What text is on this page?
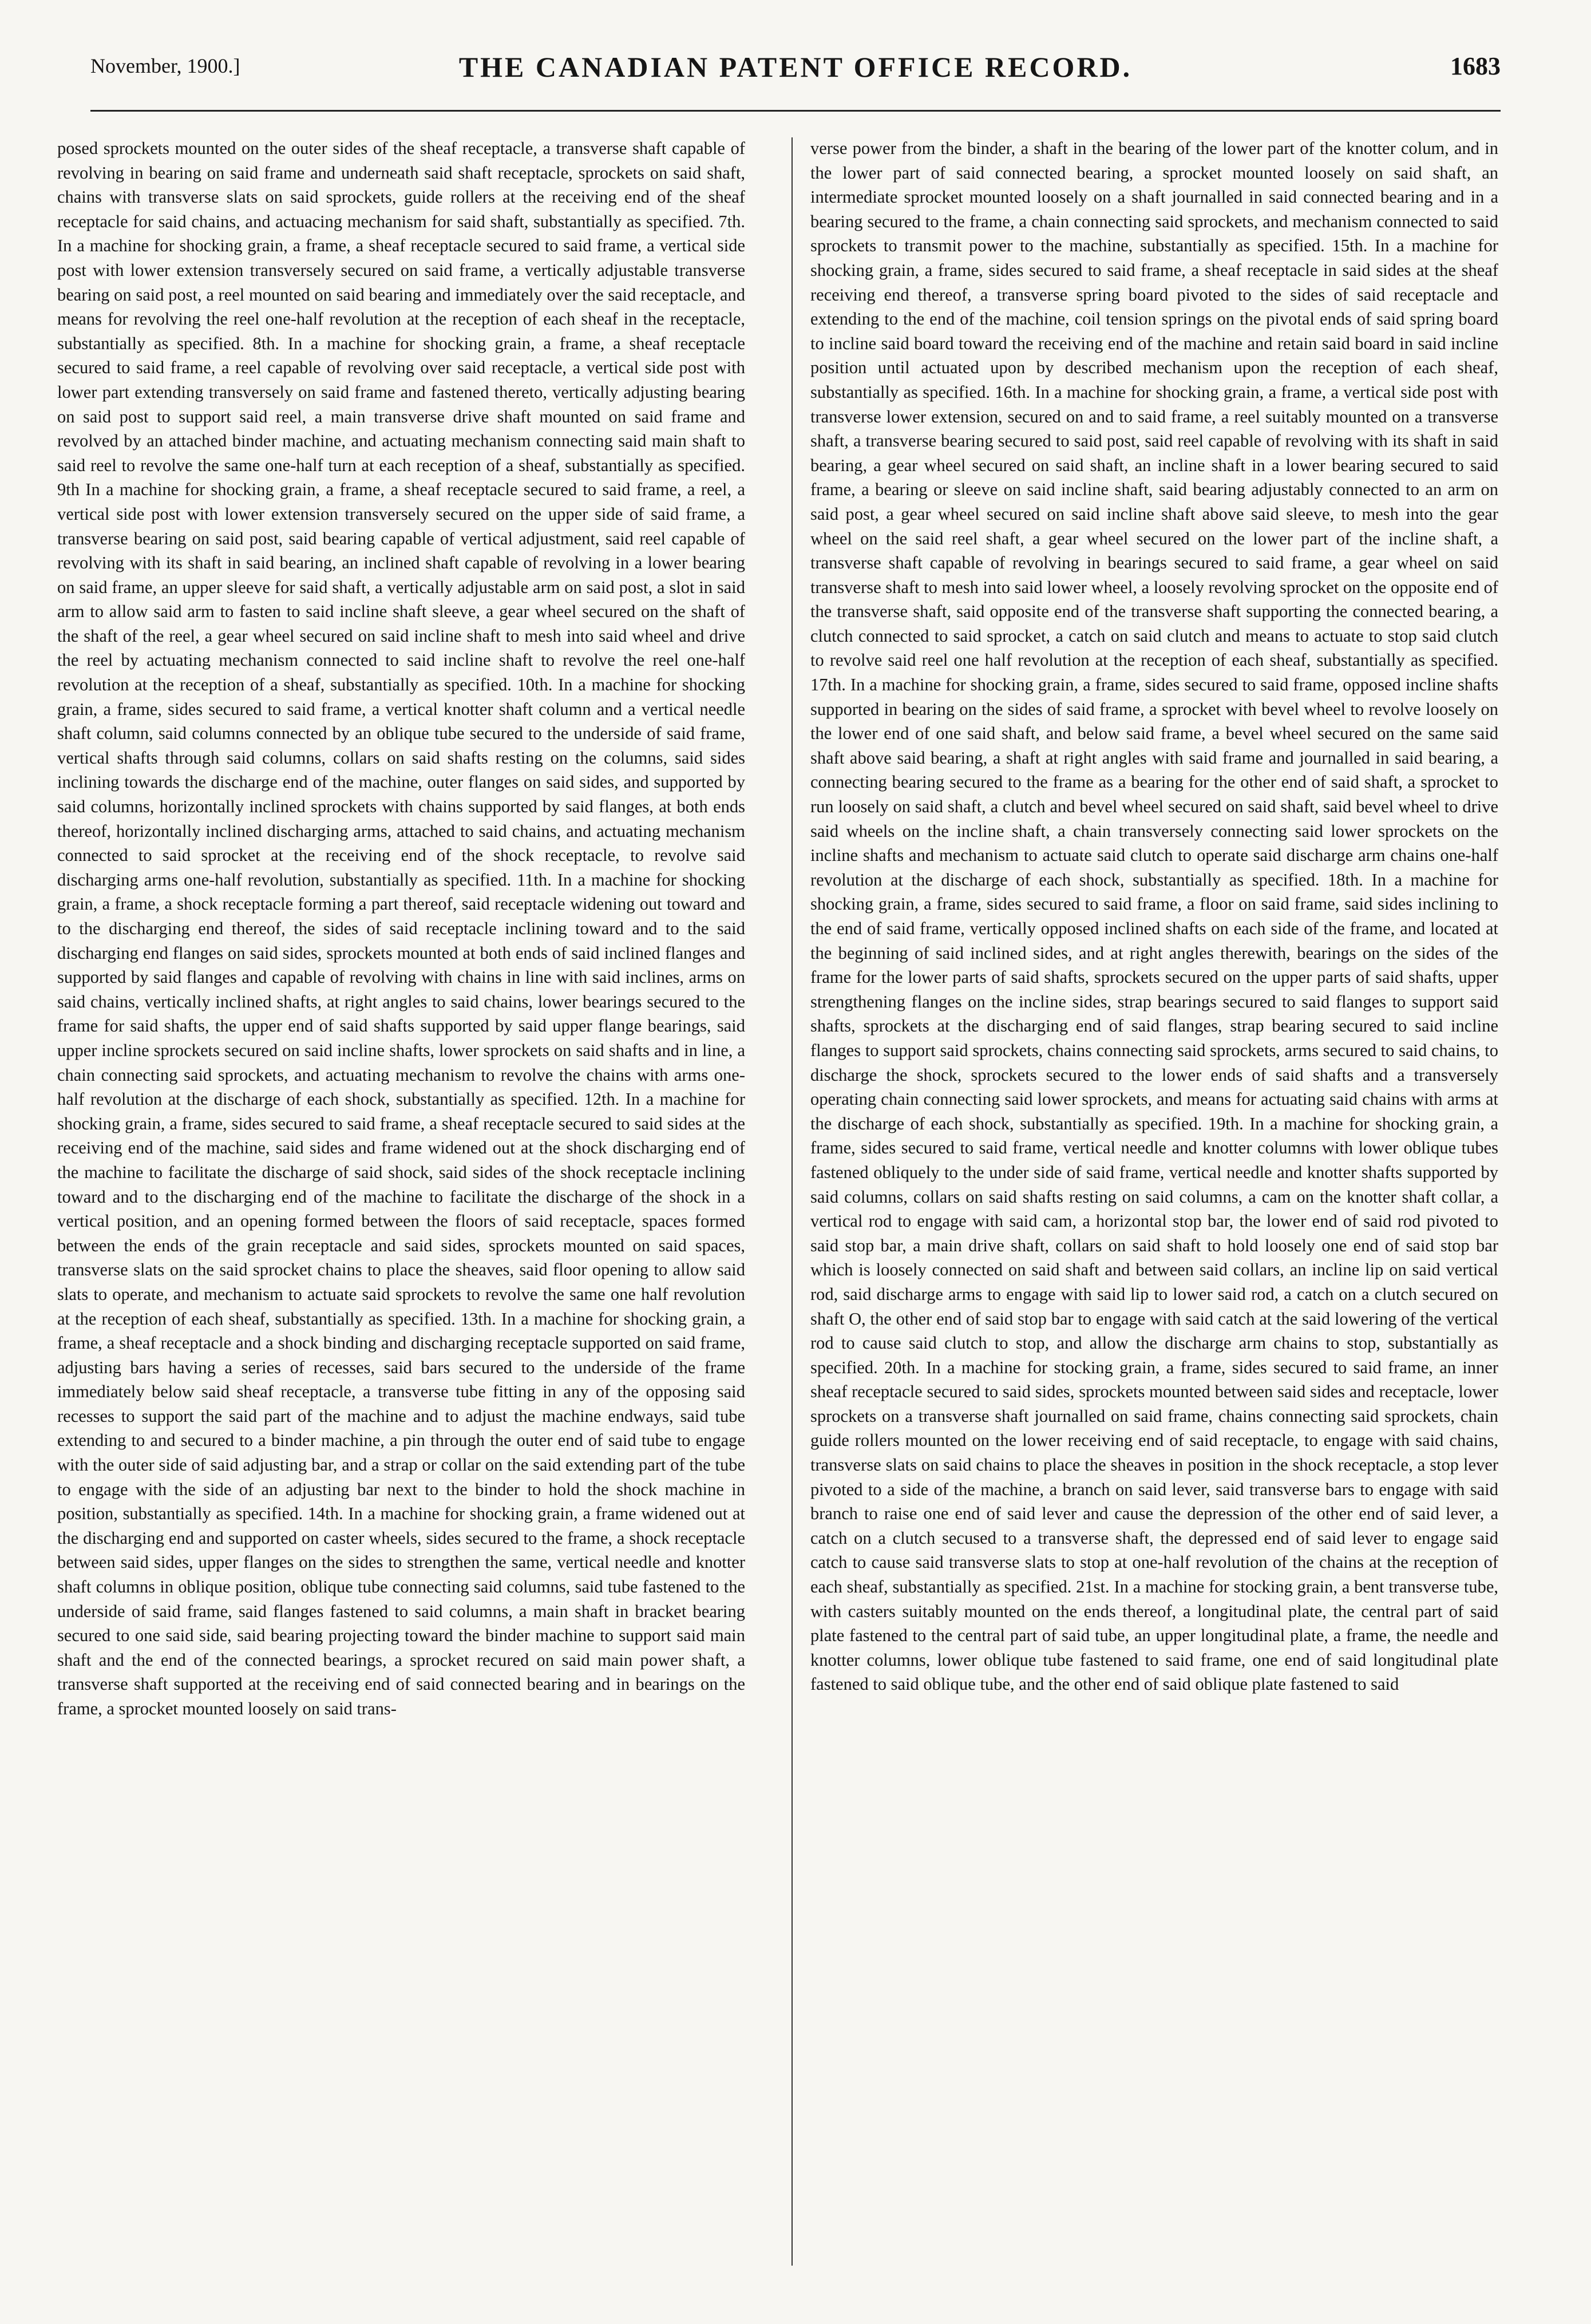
November, 1900.]	THE CANADIAN PATENT OFFICE RECORD.	1683

posed sprockets mounted on the outer sides of the sheaf receptacle, a transverse shaft capable of revolving in bearing on said frame and underneath said shaft receptacle, sprockets on said shaft, chains with transverse slats on said sprockets, guide rollers at the receiving end of the sheaf receptacle for said chains, and actuacing mechanism for said shaft, substantially as specified. 7th. In a machine for shocking grain, a frame, a sheaf receptacle secured to said frame, a vertical side post with lower extension transversely secured on said frame, a vertically adjustable transverse bearing on said post, a reel mounted on said bearing and immediately over the said receptacle, and means for revolving the reel one-half revolution at the reception of each sheaf in the receptacle, substantially as specified. 8th. In a machine for shocking grain, a frame, a sheaf receptacle secured to said frame, a reel capable of revolving over said receptacle, a vertical side post with lower part extending transversely on said frame and fastened thereto, vertically adjusting bearing on said post to support said reel, a main transverse drive shaft mounted on said frame and revolved by an attached binder machine, and actuating mechanism connecting said main shaft to said reel to revolve the same one-half turn at each reception of a sheaf, substantially as specified. 9th In a machine for shocking grain, a frame, a sheaf receptacle secured to said frame, a reel, a vertical side post with lower extension transversely secured on the upper side of said frame, a transverse bearing on said post, said bearing capable of vertical adjustment, said reel capable of revolving with its shaft in said bearing, an inclined shaft capable of revolving in a lower bearing on said frame, an upper sleeve for said shaft, a vertically adjustable arm on said post, a slot in said arm to allow said arm to fasten to said incline shaft sleeve, a gear wheel secured on the shaft of the shaft of the reel, a gear wheel secured on said incline shaft to mesh into said wheel and drive the reel by actuating mechanism connected to said incline shaft to revolve the reel one-half revolution at the reception of a sheaf, substantially as specified. 10th. In a machine for shocking grain, a frame, sides secured to said frame, a vertical knotter shaft column and a vertical needle shaft column, said columns connected by an oblique tube secured to the underside of said frame, vertical shafts through said columns, collars on said shafts resting on the columns, said sides inclining towards the discharge end of the machine, outer flanges on said sides, and supported by said columns, horizontally inclined sprockets with chains supported by said flanges, at both ends thereof, horizontally inclined discharging arms, attached to said chains, and actuating mechanism connected to said sprocket at the receiving end of the shock receptacle, to revolve said discharging arms one-half revolution, substantially as specified. 11th. In a machine for shocking grain, a frame, a shock receptacle forming a part thereof, said receptacle widening out toward and to the discharging end thereof, the sides of said receptacle inclining toward and to the said discharging end flanges on said sides, sprockets mounted at both ends of said inclined flanges and supported by said flanges and capable of revolving with chains in line with said inclines, arms on said chains, vertically inclined shafts, at right angles to said chains, lower bearings secured to the frame for said shafts, the upper end of said shafts supported by said upper flange bearings, said upper incline sprockets secured on said incline shafts, lower sprockets on said shafts and in line, a chain connecting said sprockets, and actuating mechanism to revolve the chains with arms one-half revolution at the discharge of each shock, substantially as specified. 12th. In a machine for shocking grain, a frame, sides secured to said frame, a sheaf receptacle secured to said sides at the receiving end of the machine, said sides and frame widened out at the shock discharging end of the machine to facilitate the discharge of said shock, said sides of the shock receptacle inclining toward and to the discharging end of the machine to facilitate the discharge of the shock in a vertical position, and an opening formed between the floors of said receptacle, spaces formed between the ends of the grain receptacle and said sides, sprockets mounted on said spaces, transverse slats on the said sprocket chains to place the sheaves, said floor opening to allow said slats to operate, and mechanism to actuate said sprockets to revolve the same one half revolution at the reception of each sheaf, substantially as specified. 13th. In a machine for shocking grain, a frame, a sheaf receptacle and a shock binding and discharging receptacle supported on said frame, adjusting bars having a series of recesses, said bars secured to the underside of the frame immediately below said sheaf receptacle, a transverse tube fitting in any of the opposing said recesses to support the said part of the machine and to adjust the machine endways, said tube extending to and secured to a binder machine, a pin through the outer end of said tube to engage with the outer side of said adjusting bar, and a strap or collar on the said extending part of the tube to engage with the side of an adjusting bar next to the binder to hold the shock machine in position, substantially as specified. 14th. In a machine for shocking grain, a frame widened out at the discharging end and supported on caster wheels, sides secured to the frame, a shock receptacle between said sides, upper flanges on the sides to strengthen the same, vertical needle and knotter shaft columns in oblique position, oblique tube connecting said columns, said tube fastened to the underside of said frame, said flanges fastened to said columns, a main shaft in bracket bearing secured to one said side, said bearing projecting toward the binder machine to support said main shaft and the end of the connected bearings, a sprocket recured on said main power shaft, a transverse shaft supported at the receiving end of said connected bearing and in bearings on the frame, a sprocket mounted loosely on said trans-

verse power from the binder, a shaft in the bearing of the lower part of the knotter colum, and in the lower part of said connected bearing, a sprocket mounted loosely on said shaft, an intermediate sprocket mounted loosely on a shaft journalled in said connected bearing and in a bearing secured to the frame, a chain connecting said sprockets, and mechanism connected to said sprockets to transmit power to the machine, substantially as specified. 15th. In a machine for shocking grain, a frame, sides secured to said frame, a sheaf receptacle in said sides at the sheaf receiving end thereof, a transverse spring board pivoted to the sides of said receptacle and extending to the end of the machine, coil tension springs on the pivotal ends of said spring board to incline said board toward the receiving end of the machine and retain said board in said incline position until actuated upon by described mechanism upon the reception of each sheaf, substantially as specified. 16th. In a machine for shocking grain, a frame, a vertical side post with transverse lower extension, secured on and to said frame, a reel suitably mounted on a transverse shaft, a transverse bearing secured to said post, said reel capable of revolving with its shaft in said bearing, a gear wheel secured on said shaft, an incline shaft in a lower bearing secured to said frame, a bearing or sleeve on said incline shaft, said bearing adjustably connected to an arm on said post, a gear wheel secured on said incline shaft above said sleeve, to mesh into the gear wheel on the said reel shaft, a gear wheel secured on the lower part of the incline shaft, a transverse shaft capable of revolving in bearings secured to said frame, a gear wheel on said transverse shaft to mesh into said lower wheel, a loosely revolving sprocket on the opposite end of the transverse shaft, said opposite end of the transverse shaft supporting the connected bearing, a clutch connected to said sprocket, a catch on said clutch and means to actuate to stop said clutch to revolve said reel one half revolution at the reception of each sheaf, substantially as specified. 17th. In a machine for shocking grain, a frame, sides secured to said frame, opposed incline shafts supported in bearing on the sides of said frame, a sprocket with bevel wheel to revolve loosely on the lower end of one said shaft, and below said frame, a bevel wheel secured on the same said shaft above said bearing, a shaft at right angles with said frame and journalled in said bearing, a connecting bearing secured to the frame as a bearing for the other end of said shaft, a sprocket to run loosely on said shaft, a clutch and bevel wheel secured on said shaft, said bevel wheel to drive said wheels on the incline shaft, a chain transversely connecting said lower sprockets on the incline shafts and mechanism to actuate said clutch to operate said discharge arm chains one-half revolution at the discharge of each shock, substantially as specified. 18th. In a machine for shocking grain, a frame, sides secured to said frame, a floor on said frame, said sides inclining to the end of said frame, vertically opposed inclined shafts on each side of the frame, and located at the beginning of said inclined sides, and at right angles therewith, bearings on the sides of the frame for the lower parts of said shafts, sprockets secured on the upper parts of said shafts, upper strengthening flanges on the incline sides, strap bearings secured to said flanges to support said shafts, sprockets at the discharging end of said flanges, strap bearing secured to said incline flanges to support said sprockets, chains connecting said sprockets, arms secured to said chains, to discharge the shock, sprockets secured to the lower ends of said shafts and a transversely operating chain connecting said lower sprockets, and means for actuating said chains with arms at the discharge of each shock, substantially as specified. 19th. In a machine for shocking grain, a frame, sides secured to said frame, vertical needle and knotter columns with lower oblique tubes fastened obliquely to the under side of said frame, vertical needle and knotter shafts supported by said columns, collars on said shafts resting on said columns, a cam on the knotter shaft collar, a vertical rod to engage with said cam, a horizontal stop bar, the lower end of said rod pivoted to said stop bar, a main drive shaft, collars on said shaft to hold loosely one end of said stop bar which is loosely connected on said shaft and between said collars, an incline lip on said vertical rod, said discharge arms to engage with said lip to lower said rod, a catch on a clutch secured on shaft O, the other end of said stop bar to engage with said catch at the said lowering of the vertical rod to cause said clutch to stop, and allow the discharge arm chains to stop, substantially as specified. 20th. In a machine for stocking grain, a frame, sides secured to said frame, an inner sheaf receptacle secured to said sides, sprockets mounted between said sides and receptacle, lower sprockets on a transverse shaft journalled on said frame, chains connecting said sprockets, chain guide rollers mounted on the lower receiving end of said receptacle, to engage with said chains, transverse slats on said chains to place the sheaves in position in the shock receptacle, a stop lever pivoted to a side of the machine, a branch on said lever, said transverse bars to engage with said branch to raise one end of said lever and cause the depression of the other end of said lever, a catch on a clutch secused to a transverse shaft, the depressed end of said lever to engage said catch to cause said transverse slats to stop at one-half revolution of the chains at the reception of each sheaf, substantially as specified. 21st. In a machine for stocking grain, a bent transverse tube, with casters suitably mounted on the ends thereof, a longitudinal plate, the central part of said plate fastened to the central part of said tube, an upper longitudinal plate, a frame, the needle and knotter columns, lower oblique tube fastened to said frame, one end of said longitudinal plate fastened to said oblique tube, and the other end of said oblique plate fastened to said
